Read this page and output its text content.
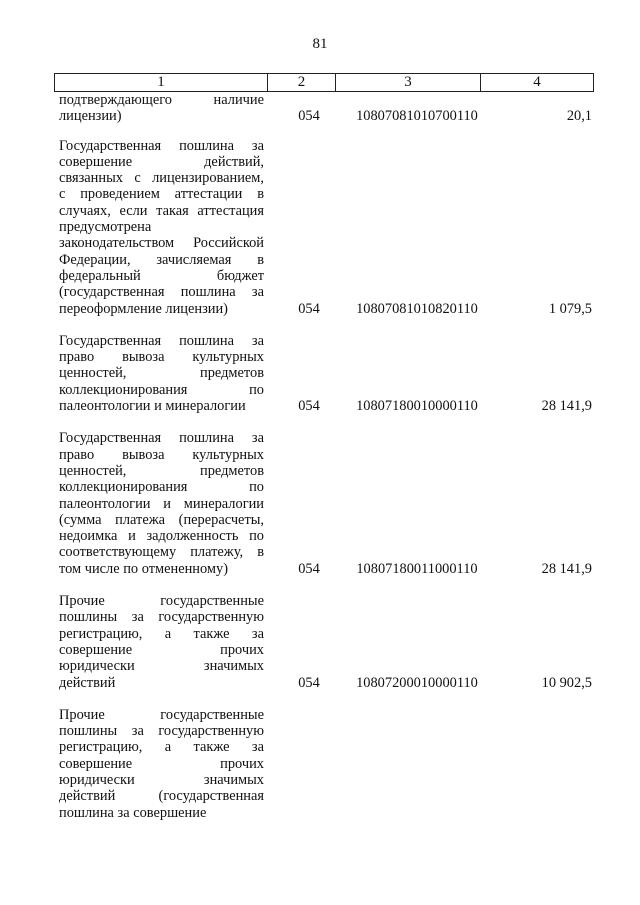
81
1	2	3	4
подтверждающего наличие
лицензии)	054	10807081010700110	20,1
Государственная пошлина за
совершение действий,
связанных с лицензированием,
с проведением аттестации в
случаях, если такая аттестация
предусмотрена
законодательством Российской
Федерации, зачисляемая в
федеральный бюджет
(государственная пошлина за
переоформление лицензии)	054	10807081010820110	1 079,5
Государственная пошлина за
право вывоза культурных
ценностей, предметов
коллекционирования по
палеонтологии и минералогии	054	10807180010000110	28 141,9
Государственная пошлина за
право вывоза культурных
ценностей, предметов
коллекционирования по
палеонтологии и минералогии
(сумма платежа (перерасчеты,
недоимка и задолженность по
соответствующему платежу, в
том числе по отмененному)	054	10807180011000110	28 141,9
Прочие государственные
пошлины за государственную
регистрацию, а также за
совершение прочих
юридически значимых
действий	054	10807200010000110	10 902,5
Прочие государственные
пошлины за государственную
регистрацию, а также за
совершение прочих
юридически значимых
действий (государственная
пошлина за совершение
